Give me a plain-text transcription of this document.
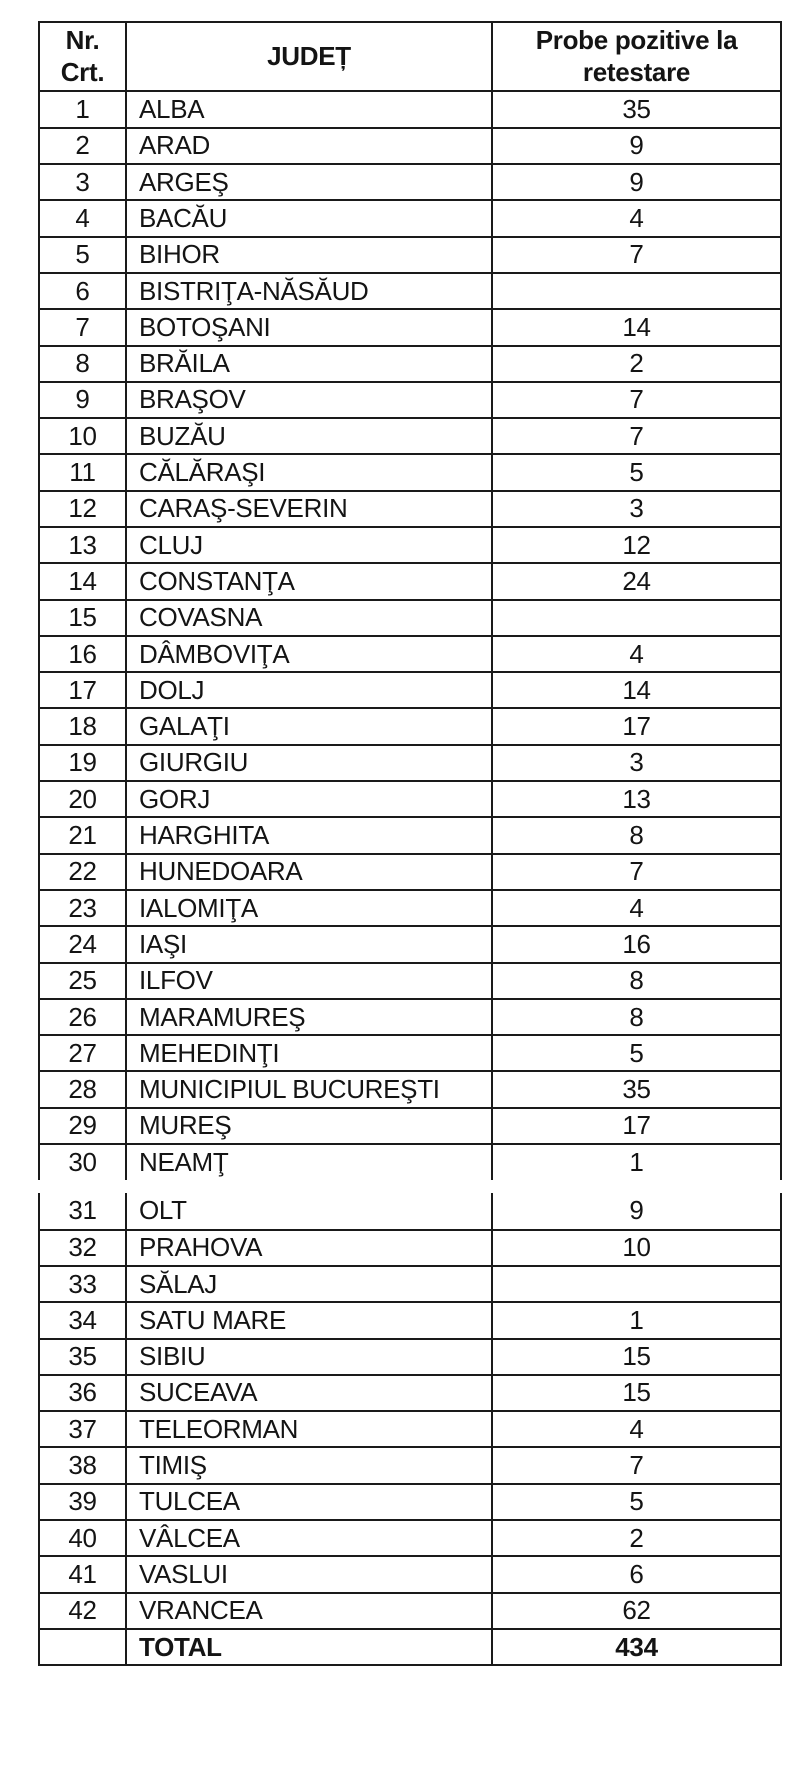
Nr. Crt.	JUDEȚ	Probe pozitive la retestare
1	ALBA	35
2	ARAD	9
3	ARGEŞ	9
4	BACĂU	4
5	BIHOR	7
6	BISTRIŢA-NĂSĂUD	
7	BOTOŞANI	14
8	BRĂILA	2
9	BRAŞOV	7
10	BUZĂU	7
11	CĂLĂRAŞI	5
12	CARAŞ-SEVERIN	3
13	CLUJ	12
14	CONSTANŢA	24
15	COVASNA	
16	DÂMBOVIŢA	4
17	DOLJ	14
18	GALAŢI	17
19	GIURGIU	3
20	GORJ	13
21	HARGHITA	8
22	HUNEDOARA	7
23	IALOMIŢA	4
24	IAŞI	16
25	ILFOV	8
26	MARAMUREŞ	8
27	MEHEDINŢI	5
28	MUNICIPIUL BUCUREŞTI	35
29	MUREŞ	17
30	NEAMŢ	1
31	OLT	9
32	PRAHOVA	10
33	SĂLAJ	
34	SATU MARE	1
35	SIBIU	15
36	SUCEAVA	15
37	TELEORMAN	4
38	TIMIŞ	7
39	TULCEA	5
40	VÂLCEA	2
41	VASLUI	6
42	VRANCEA	62
	TOTAL	434
